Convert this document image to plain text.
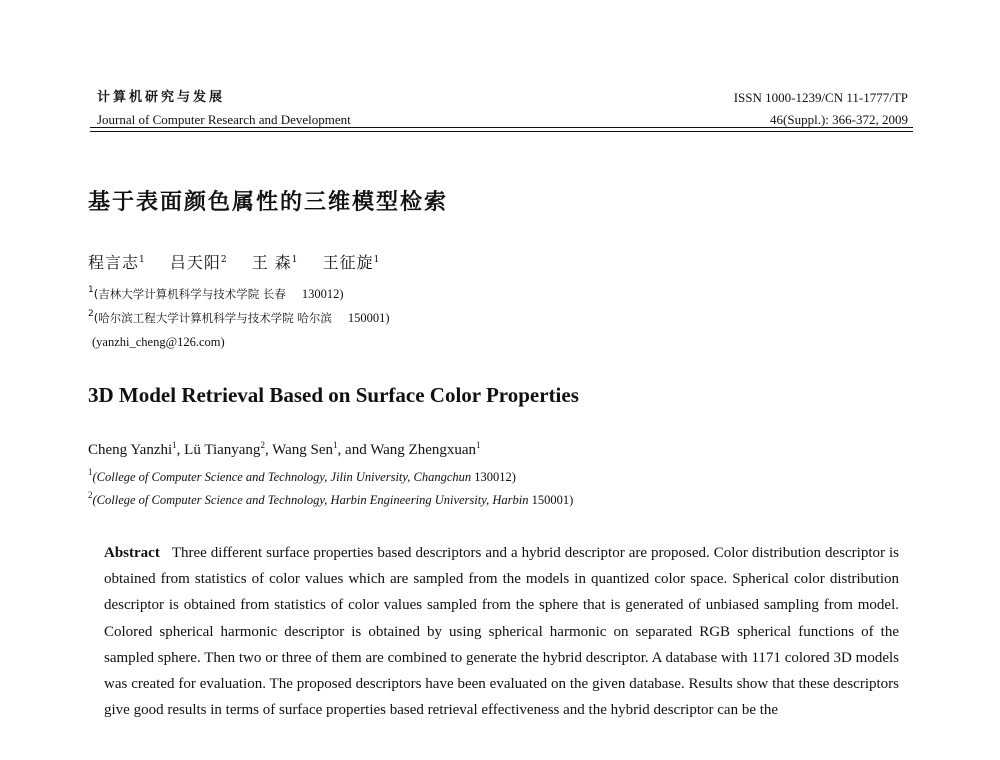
计算机研究与发展
Journal of Computer Research and Development
ISSN 1000-1239/CN 11-1777/TP
46(Suppl.): 366-372, 2009
基于表面颜色属性的三维模型检索
程言志$^1$ 吕天阳$^2$ 王 森$^1$ 王征旋$^1$
$^1$(吉林大学计算机科学与技术学院 长春 130012)
$^2$(哈尔滨工程大学计算机科学与技术学院 哈尔滨 150001)
(yanzhi_cheng@126.com)
3D Model Retrieval Based on Surface Color Properties
Cheng Yanzhi$^1$, Lü Tianyang$^2$, Wang Sen$^1$, and Wang Zhengxuan$^1$
$^1$(College of Computer Science and Technology, Jilin University, Changchun 130012)
$^2$(College of Computer Science and Technology, Harbin Engineering University, Harbin 150001)
Abstract Three different surface properties based descriptors and a hybrid descriptor are proposed. Color distribution descriptor is obtained from statistics of color values which are sampled from the models in quantized color space. Spherical color distribution descriptor is obtained from statistics of color values sampled from the sphere that is generated of unbiased sampling from model. Colored spherical harmonic descriptor is obtained by using spherical harmonic on separated RGB spherical functions of the sampled sphere. Then two or three of them are combined to generate the hybrid descriptor. A database with 1171 colored 3D models was created for evaluation. The proposed descriptors have been evaluated on the given database. Results show that these descriptors give good results in terms of surface properties based retrieval effectiveness and the hybrid descriptor can be the
